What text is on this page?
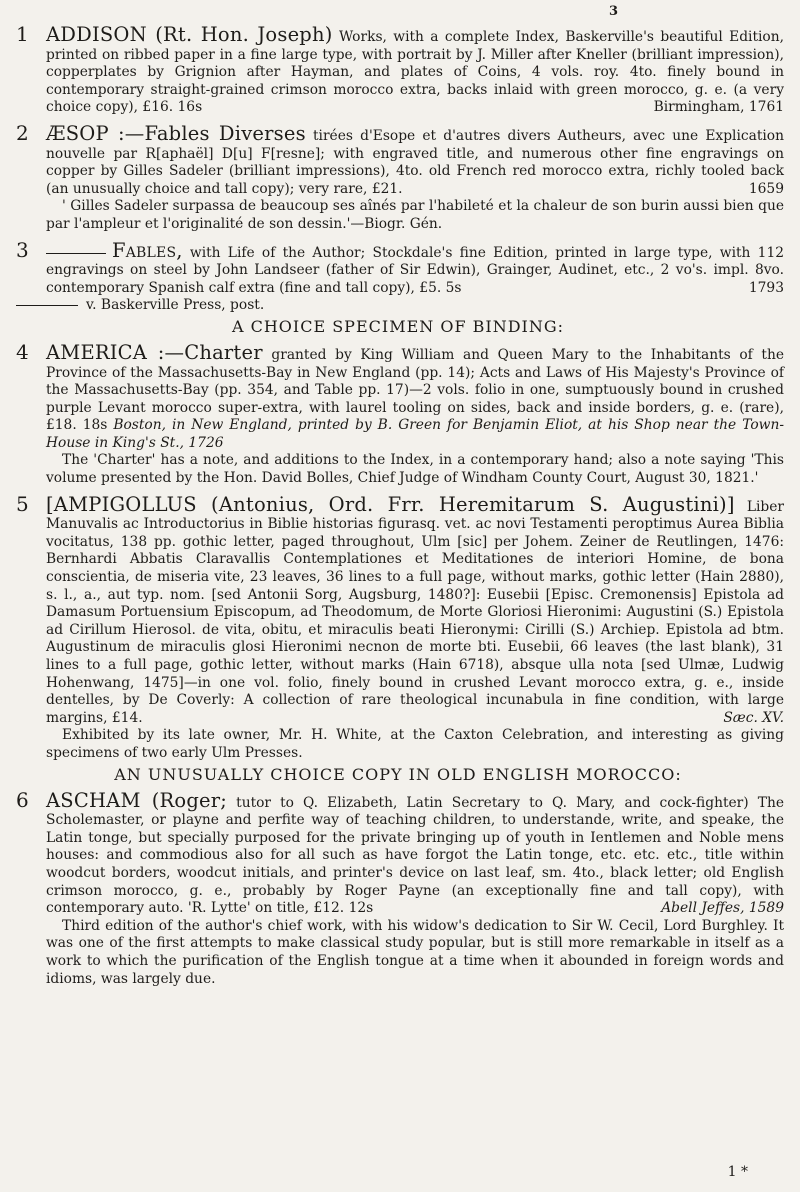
3
1 ADDISON (Rt. Hon. Joseph) Works, with a complete Index, Baskerville's beautiful Edition, printed on ribbed paper in a fine large type, with portrait by J. Miller after Kneller (brilliant impression), copperplates by Grignion after Hayman, and plates of Coins, 4 vols. roy. 4to. finely bound in contemporary straight-grained crimson morocco extra, backs inlaid with green morocco, g. e. (a very choice copy), £16. 16s	Birmingham, 1761
2 ÆSOP :—Fables Diverses tirées d'Esope et d'autres divers Autheurs, avec une Explication nouvelle par R[aphaël] D[u] F[resne]; with engraved title, and numerous other fine engravings on copper by Gilles Sadeler (brilliant impressions), 4to. old French red morocco extra, richly tooled back (an unusually choice and tall copy); very rare, £21.	1659
' Gilles Sadeler surpassa de beaucoup ses aînés par l'habileté et la chaleur de son burin aussi bien que par l'ampleur et l'originalité de son dessin.'—Biogr. Gén.
3	Fables, with Life of the Author; Stockdale's fine Edition, printed in large type, with 112 engravings on steel by John Landseer (father of Sir Edwin), Grainger, Audinet, etc., 2 vo's. impl. 8vo. contemporary Spanish calf extra (fine and tall copy), £5. 5s	1793
v. Baskerville Press, post.
A CHOICE SPECIMEN OF BINDING:
4 AMERICA :—Charter granted by King William and Queen Mary to the Inhabitants of the Province of the Massachusetts-Bay in New England (pp. 14); Acts and Laws of His Majesty's Province of the Massachusetts-Bay (pp. 354, and Table pp. 17)—2 vols. folio in one, sumptuously bound in crushed purple Levant morocco super-extra, with laurel tooling on sides, back and inside borders, g. e. (rare), £18. 18s Boston, in New England, printed by B. Green for Benjamin Eliot, at his Shop near the Town-House in King's St., 1726
The 'Charter' has a note, and additions to the Index, in a contemporary hand; also a note saying 'This volume presented by the Hon. David Bolles, Chief Judge of Windham County Court, August 30, 1821.'
5 [AMPIGOLLUS (Antonius, Ord. Frr. Heremitarum S. Augustini)] Liber Manuvalis ac Introductorius in Biblie historias figurasq. vet. ac novi Testamenti peroptimus Aurea Biblia vocitatus, 138 pp. gothic letter, paged throughout, Ulm [sic] per Johem. Zeiner de Reutlingen, 1476: Bernhardi Abbatis Claravallis Contemplationes et Meditationes de interiori Homine, de bona conscientia, de miseria vite, 23 leaves, 36 lines to a full page, without marks, gothic letter (Hain 2880), s. l., a., aut typ. nom. [sed Antonii Sorg, Augsburg, 1480?]: Eusebii [Episc. Cremonensis] Epistola ad Damasum Portuensium Episcopum, ad Theodomum, de Morte Gloriosi Hieronimi: Augustini (S.) Epistola ad Cirillum Hierosol. de vita, obitu, et miraculis beati Hieronymi: Cirilli (S.) Archiep. Epistola ad btm. Augustinum de miraculis glosi Hieronimi necnon de morte bti. Eusebii, 66 leaves (the last blank), 31 lines to a full page, gothic letter, without marks (Hain 6718), absque ulla nota [sed Ulmæ, Ludwig Hohenwang, 1475]—in one vol. folio, finely bound in crushed Levant morocco extra, g. e., inside dentelles, by De Coverly: A collection of rare theological incunabula in fine condition, with large margins, £14.	Sæc. XV.
Exhibited by its late owner, Mr. H. White, at the Caxton Celebration, and interesting as giving specimens of two early Ulm Presses.
AN UNUSUALLY CHOICE COPY IN OLD ENGLISH MOROCCO:
6 ASCHAM (Roger; tutor to Q. Elizabeth, Latin Secretary to Q. Mary, and cock-fighter) The Scholemaster, or playne and perfite way of teaching children, to understande, write, and speake, the Latin tonge, but specially purposed for the private bringing up of youth in Ientlemen and Noble mens houses: and commodious also for all such as have forgot the Latin tonge, etc. etc. etc., title within woodcut borders, woodcut initials, and printer's device on last leaf, sm. 4to., black letter; old English crimson morocco, g. e., probably by Roger Payne (an exceptionally fine and tall copy), with contemporary auto. 'R. Lytte' on title, £12. 12s	Abell Jeffes, 1589
Third edition of the author's chief work, with his widow's dedication to Sir W. Cecil, Lord Burghley. It was one of the first attempts to make classical study popular, but is still more remarkable in itself as a work to which the purification of the English tongue at a time when it abounded in foreign words and idioms, was largely due.
1 *
